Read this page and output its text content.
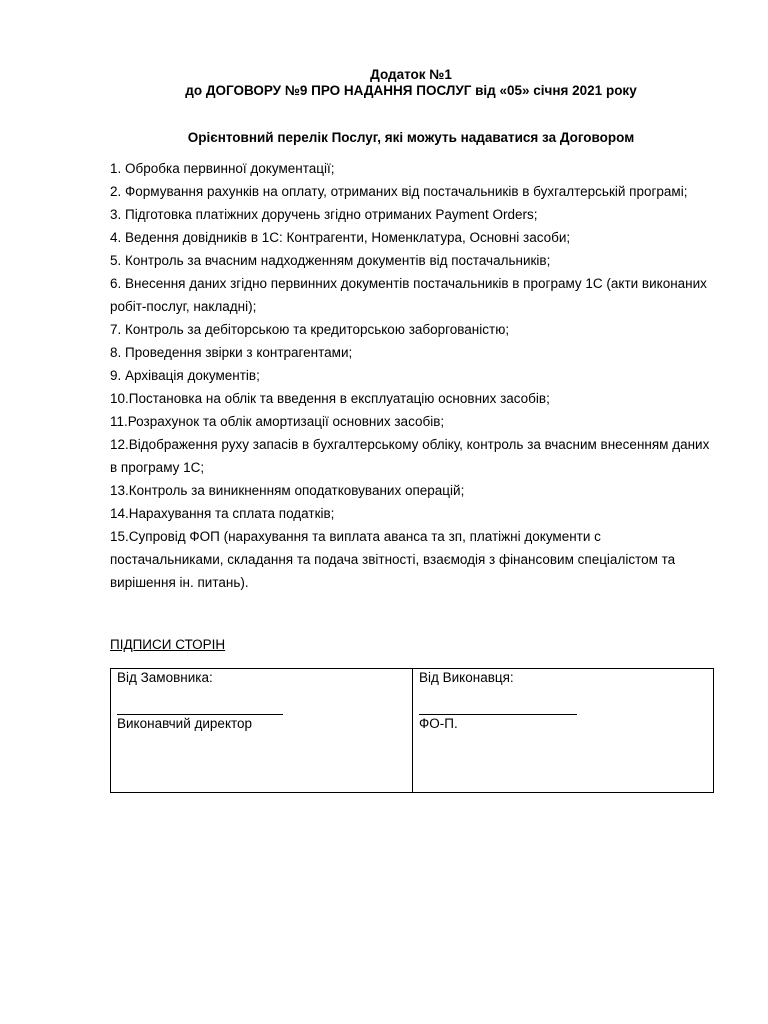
Додаток №1
до ДОГОВОРУ №9 ПРО НАДАННЯ ПОСЛУГ від «05» січня 2021 року
Орієнтовний перелік Послуг, які можуть надаватися за Договором
1. Обробка первинної документації;
2. Формування рахунків на оплату, отриманих від постачальників в бухгалтерській програмі;
3. Підготовка платіжних доручень згідно отриманих Payment Orders;
4. Ведення довідників в 1С: Контрагенти, Номенклатура, Основні засоби;
5. Контроль за вчасним надходженням документів від постачальників;
6. Внесення даних згідно первинних документів постачальників в програму 1С (акти виконаних робіт-послуг, накладні);
7. Контроль за дебіторською та кредиторською заборгованістю;
8. Проведення звірки з контрагентами;
9. Архівація документів;
10.Постановка на облік та введення в експлуатацію основних засобів;
11.Розрахунок та облік амортизації основних засобів;
12.Відображення руху запасів в бухгалтерському обліку, контроль за вчасним внесенням даних в програму 1С;
13.Контроль за виникненням оподатковуваних операцій;
14.Нарахування та сплата податків;
15.Супровід ФОП (нарахування та виплата аванса та зп, платіжні документи с постачальниками, складання та подача звітності, взаємодія з фінансовим спеціалістом та вирішення ін. питань).
ПІДПИСИ СТОРІН
Від Замовника:
Виконавчий директор

Від Виконавця:
ФО-П.
